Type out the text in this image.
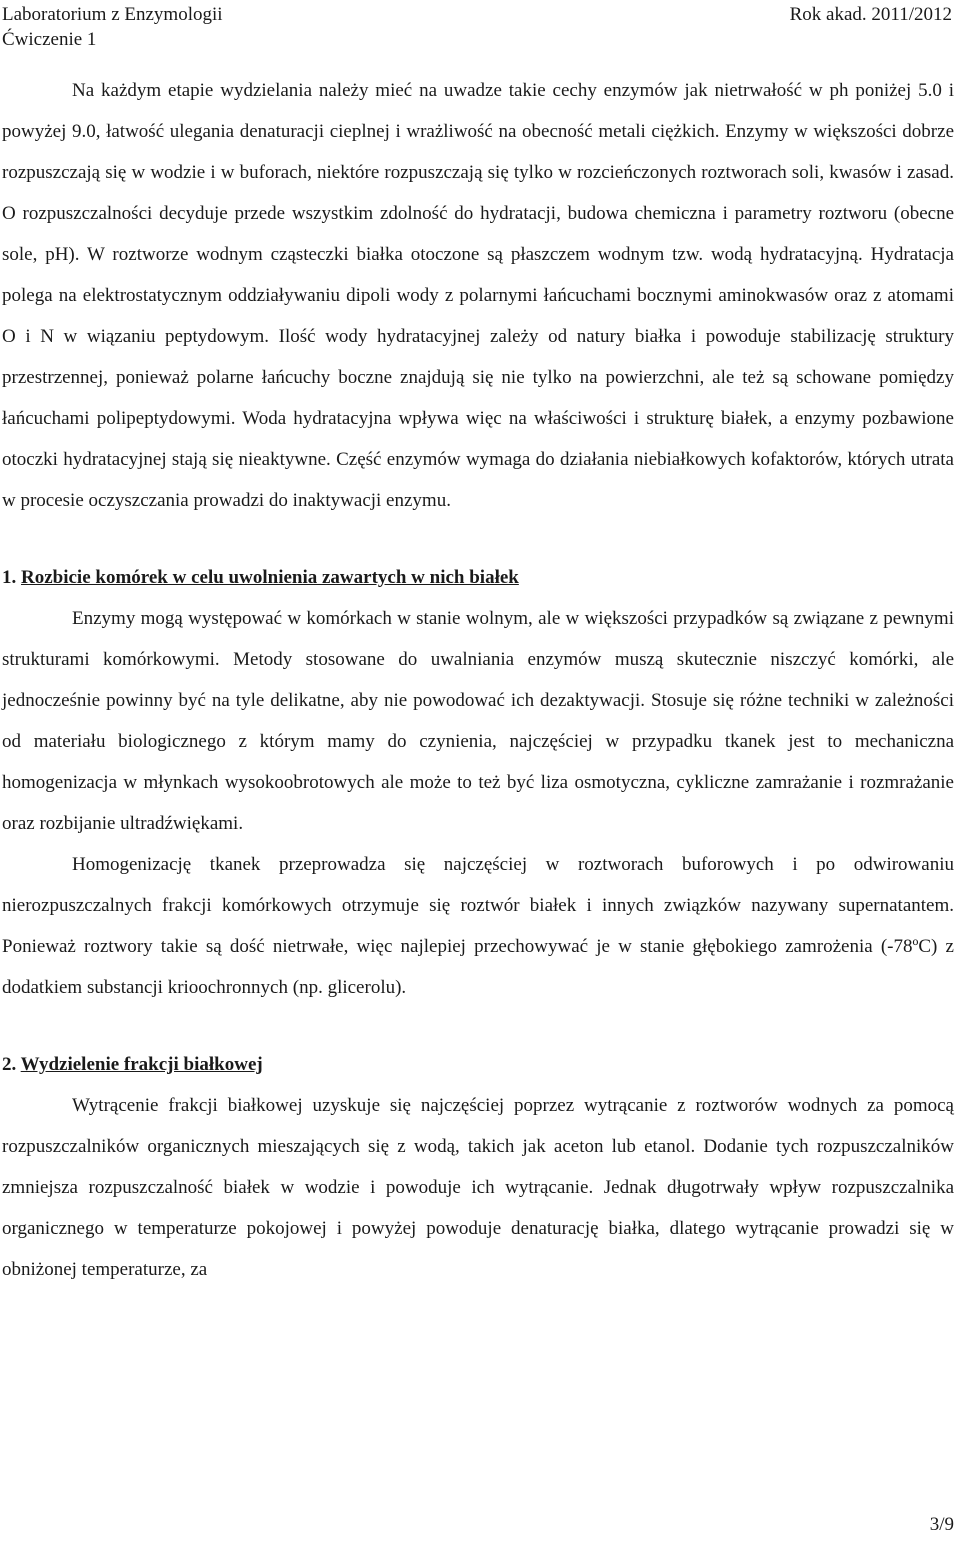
Laboratorium z Enzymologii	Rok akad. 2011/2012
Ćwiczenie 1

Na każdym etapie wydzielania należy mieć na uwadze takie cechy enzymów jak nietrwałość w ph poniżej 5.0 i powyżej 9.0, łatwość ulegania denaturacji cieplnej i wrażliwość na obecność metali ciężkich. Enzymy w większości dobrze rozpuszczają się w wodzie i w buforach, niektóre rozpuszczają się tylko w rozcieńczonych roztworach soli, kwasów i zasad. O rozpuszczalności decyduje przede wszystkim zdolność do hydratacji, budowa chemiczna i parametry roztworu (obecne sole, pH). W roztworze wodnym cząsteczki białka otoczone są płaszczem wodnym tzw. wodą hydratacyjną. Hydratacja polega na elektrostatycznym oddziaływaniu dipoli wody z polarnymi łańcuchami bocznymi aminokwasów oraz z atomami O i N w wiązaniu peptydowym. Ilość wody hydratacyjnej zależy od natury białka i powoduje stabilizację struktury przestrzennej, ponieważ polarne łańcuchy boczne znajdują się nie tylko na powierzchni, ale też są schowane pomiędzy łańcuchami polipeptydowymi. Woda hydratacyjna wpływa więc na właściwości i strukturę białek, a enzymy pozbawione otoczki hydratacyjnej stają się nieaktywne. Część enzymów wymaga do działania niebiałkowych kofaktorów, których utrata w procesie oczyszczania prowadzi do inaktywacji enzymu.

1. Rozbicie komórek w celu uwolnienia zawartych w nich białek

Enzymy mogą występować w komórkach w stanie wolnym, ale w większości przypadków są związane z pewnymi strukturami komórkowymi. Metody stosowane do uwalniania enzymów muszą skutecznie niszczyć komórki, ale jednocześnie powinny być na tyle delikatne, aby nie powodować ich dezaktywacji. Stosuje się różne techniki w zależności od materiału biologicznego z którym mamy do czynienia, najczęściej w przypadku tkanek jest to mechaniczna homogenizacja w młynkach wysokoobrotowych ale może to też być liza osmotyczna, cykliczne zamrażanie i rozmrażanie oraz rozbijanie ultradźwiękami.

Homogenizację tkanek przeprowadza się najczęściej w roztworach buforowych i po odwirowaniu nierozpuszczalnych frakcji komórkowych otrzymuje się roztwór białek i innych związków nazywany supernatantem. Ponieważ roztwory takie są dość nietrwałe, więc najlepiej przechowywać je w stanie głębokiego zamrożenia (-78ºC) z dodatkiem substancji krioochronnych (np. glicerolu).

2. Wydzielenie frakcji białkowej

Wytrącenie frakcji białkowej uzyskuje się najczęściej poprzez wytrącanie z roztworów wodnych za pomocą rozpuszczalników organicznych mieszających się z wodą, takich jak aceton lub etanol. Dodanie tych rozpuszczalników zmniejsza rozpuszczalność białek w wodzie i powoduje ich wytrącanie. Jednak długotrwały wpływ rozpuszczalnika organicznego w temperaturze pokojowej i powyżej powoduje denaturację białka, dlatego wytrącanie prowadzi się w obniżonej temperaturze, za

3/9
